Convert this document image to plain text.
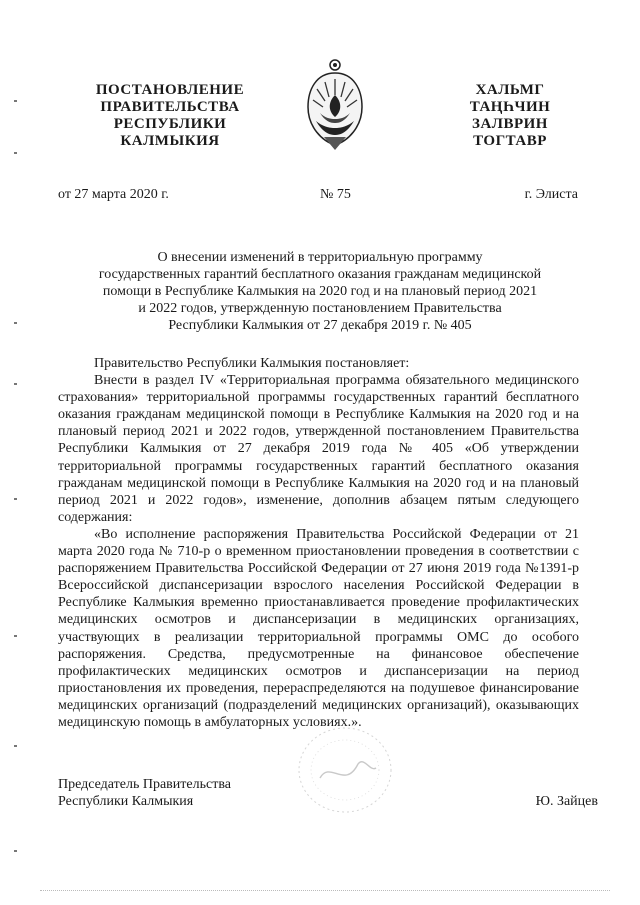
ПОСТАНОВЛЕНИЕ
ПРАВИТЕЛЬСТВА
РЕСПУБЛИКИ
КАЛМЫКИЯ
ХАЛЬМГ
ТАҢҺЧИН
ЗАЛВРИН
ТОГТАВР
от 27 марта 2020 г.	№ 75	г. Элиста
О внесении изменений в территориальную программу
государственных гарантий бесплатного оказания гражданам медицинской
помощи в Республике Калмыкия на 2020 год и на плановый период 2021
и 2022 годов, утвержденную постановлением Правительства
Республики Калмыкия от 27 декабря 2019 г. № 405

Правительство Республики Калмыкия постановляет:

Внести в раздел IV «Территориальная программа обязательного медицинского страхования» территориальной программы государственных гарантий бесплатного оказания гражданам медицинской помощи в Республике Калмыкия на 2020 год и на плановый период 2021 и 2022 годов, утвержденной постановлением Правительства Республики Калмыкия от 27 декабря 2019 года № 405 «Об утверждении территориальной программы государственных гарантий бесплатного оказания гражданам медицинской помощи в Республике Калмыкия на 2020 год и на плановый период 2021 и 2022 годов», изменение, дополнив абзацем пятым следующего содержания:

«Во исполнение распоряжения Правительства Российской Федерации от 21 марта 2020 года № 710-р о временном приостановлении проведения в соответствии с распоряжением Правительства Российской Федерации от 27 июня 2019 года №1391-р Всероссийской диспансеризации взрослого населения Российской Федерации в Республике Калмыкия временно приостанавливается проведение профилактических медицинских осмотров и диспансеризации в медицинских организациях, участвующих в реализации территориальной программы ОМС до особого распоряжения. Средства, предусмотренные на финансовое обеспечение профилактических медицинских осмотров и диспансеризации на период приостановления их проведения, перераспределяются на подушевое финансирование медицинских организаций (подразделений медицинских организаций), оказывающих медицинскую помощь в амбулаторных условиях.».

Председатель Правительства
Республики Калмыкия	Ю. Зайцев
